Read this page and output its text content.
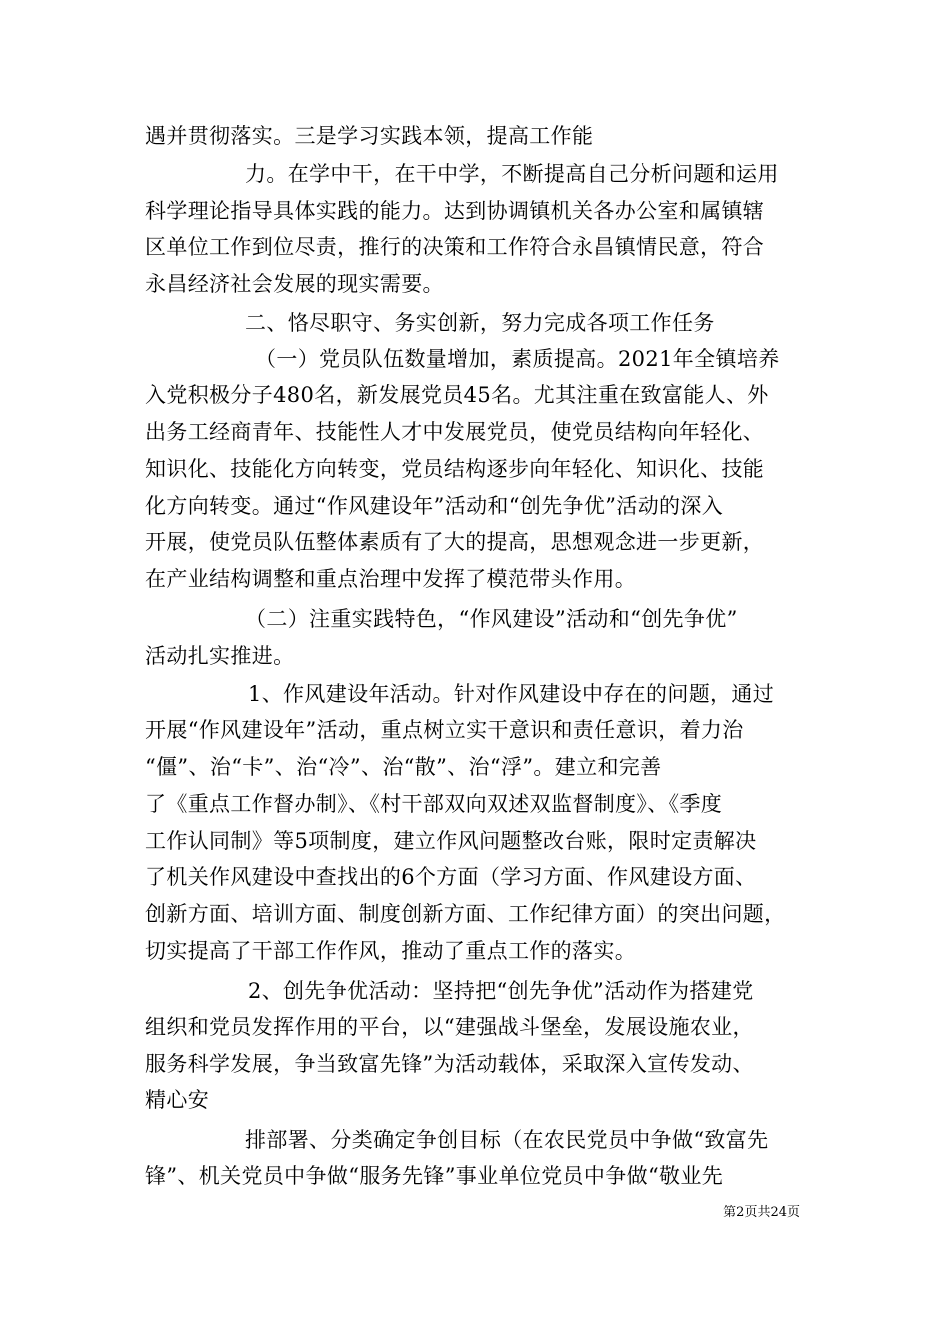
遇并贯彻落实。三是学习实践本领，提高工作能
力。在学中干，在干中学，不断提高自己分析问题和运用
科学理论指导具体实践的能力。达到协调镇机关各办公室和属镇辖
区单位工作到位尽责，推行的决策和工作符合永昌镇情民意，符合
永昌经济社会发展的现实需要。
二、恪尽职守、务实创新，努力完成各项工作任务
（一）党员队伍数量增加，素质提高。2021年全镇培养
入党积极分子480名，新发展党员45名。尤其注重在致富能人、外
出务工经商青年、技能性人才中发展党员，使党员结构向年轻化、
知识化、技能化方向转变，党员结构逐步向年轻化、知识化、技能
化方向转变。通过“作风建设年”活动和“创先争优”活动的深入
开展，使党员队伍整体素质有了大的提高，思想观念进一步更新，
在产业结构调整和重点治理中发挥了模范带头作用。
（二）注重实践特色，“作风建设”活动和“创先争优”
活动扎实推进。
1、作风建设年活动。针对作风建设中存在的问题，通过
开展“作风建设年”活动，重点树立实干意识和责任意识，着力治
“僵”、治“卡”、治“冷”、治“散”、治“浮”。建立和完善
了《重点工作督办制》、《村干部双向双述双监督制度》、《季度
工作认同制》等5项制度，建立作风问题整改台账，限时定责解决
了机关作风建设中查找出的6个方面（学习方面、作风建设方面、
创新方面、培训方面、制度创新方面、工作纪律方面）的突出问题，
切实提高了干部工作作风，推动了重点工作的落实。
2、创先争优活动：坚持把“创先争优”活动作为搭建党
组织和党员发挥作用的平台，以“建强战斗堡垒，发展设施农业，
服务科学发展，争当致富先锋”为活动载体，采取深入宣传发动、
精心安
排部署、分类确定争创目标（在农民党员中争做“致富先
锋”、机关党员中争做“服务先锋”事业单位党员中争做“敬业先
第2页共24页
